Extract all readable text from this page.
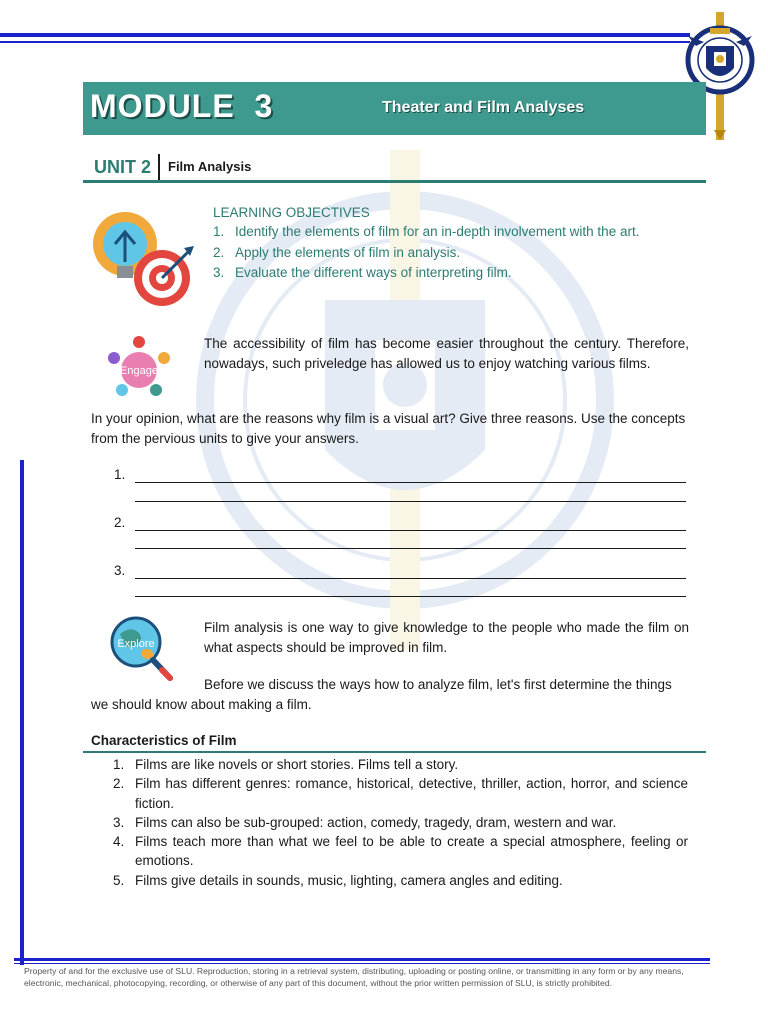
MODULE  3	Theater and Film Analyses
UNIT 2 Film Analysis
LEARNING OBJECTIVES
1. Identify the elements of film for an in-depth involvement with the art.
2. Apply the elements of film in analysis.
3. Evaluate the different ways of interpreting film.
Engage
The accessibility of film has become easier throughout the century. Therefore, nowadays, such priveledge has allowed us to enjoy watching various films.
In your opinion, what are the reasons why film is a visual art? Give three reasons. Use the concepts from the pervious units to give your answers.
1.
2.
3.
Explore
Film analysis is one way to give knowledge to the people who made the film on what aspects should be improved in film.
Before we discuss the ways how to analyze film, let's first determine the things we should know about making a film.
Characteristics of Film
1. Films are like novels or short stories. Films tell a story.
2. Film has different genres: romance, historical, detective, thriller, action, horror, and science fiction.
3. Films can also be sub-grouped: action, comedy, tragedy, dram, western and war.
4. Films teach more than what we feel to be able to create a special atmosphere, feeling or emotions.
5. Films give details in sounds, music, lighting, camera angles and editing.
Property of and for the exclusive use of SLU. Reproduction, storing in a retrieval system, distributing, uploading or posting online, or transmitting in any form or by any means, electronic, mechanical, photocopying, recording, or otherwise of any part of this document, without the prior written permission of SLU, is strictly prohibited.
